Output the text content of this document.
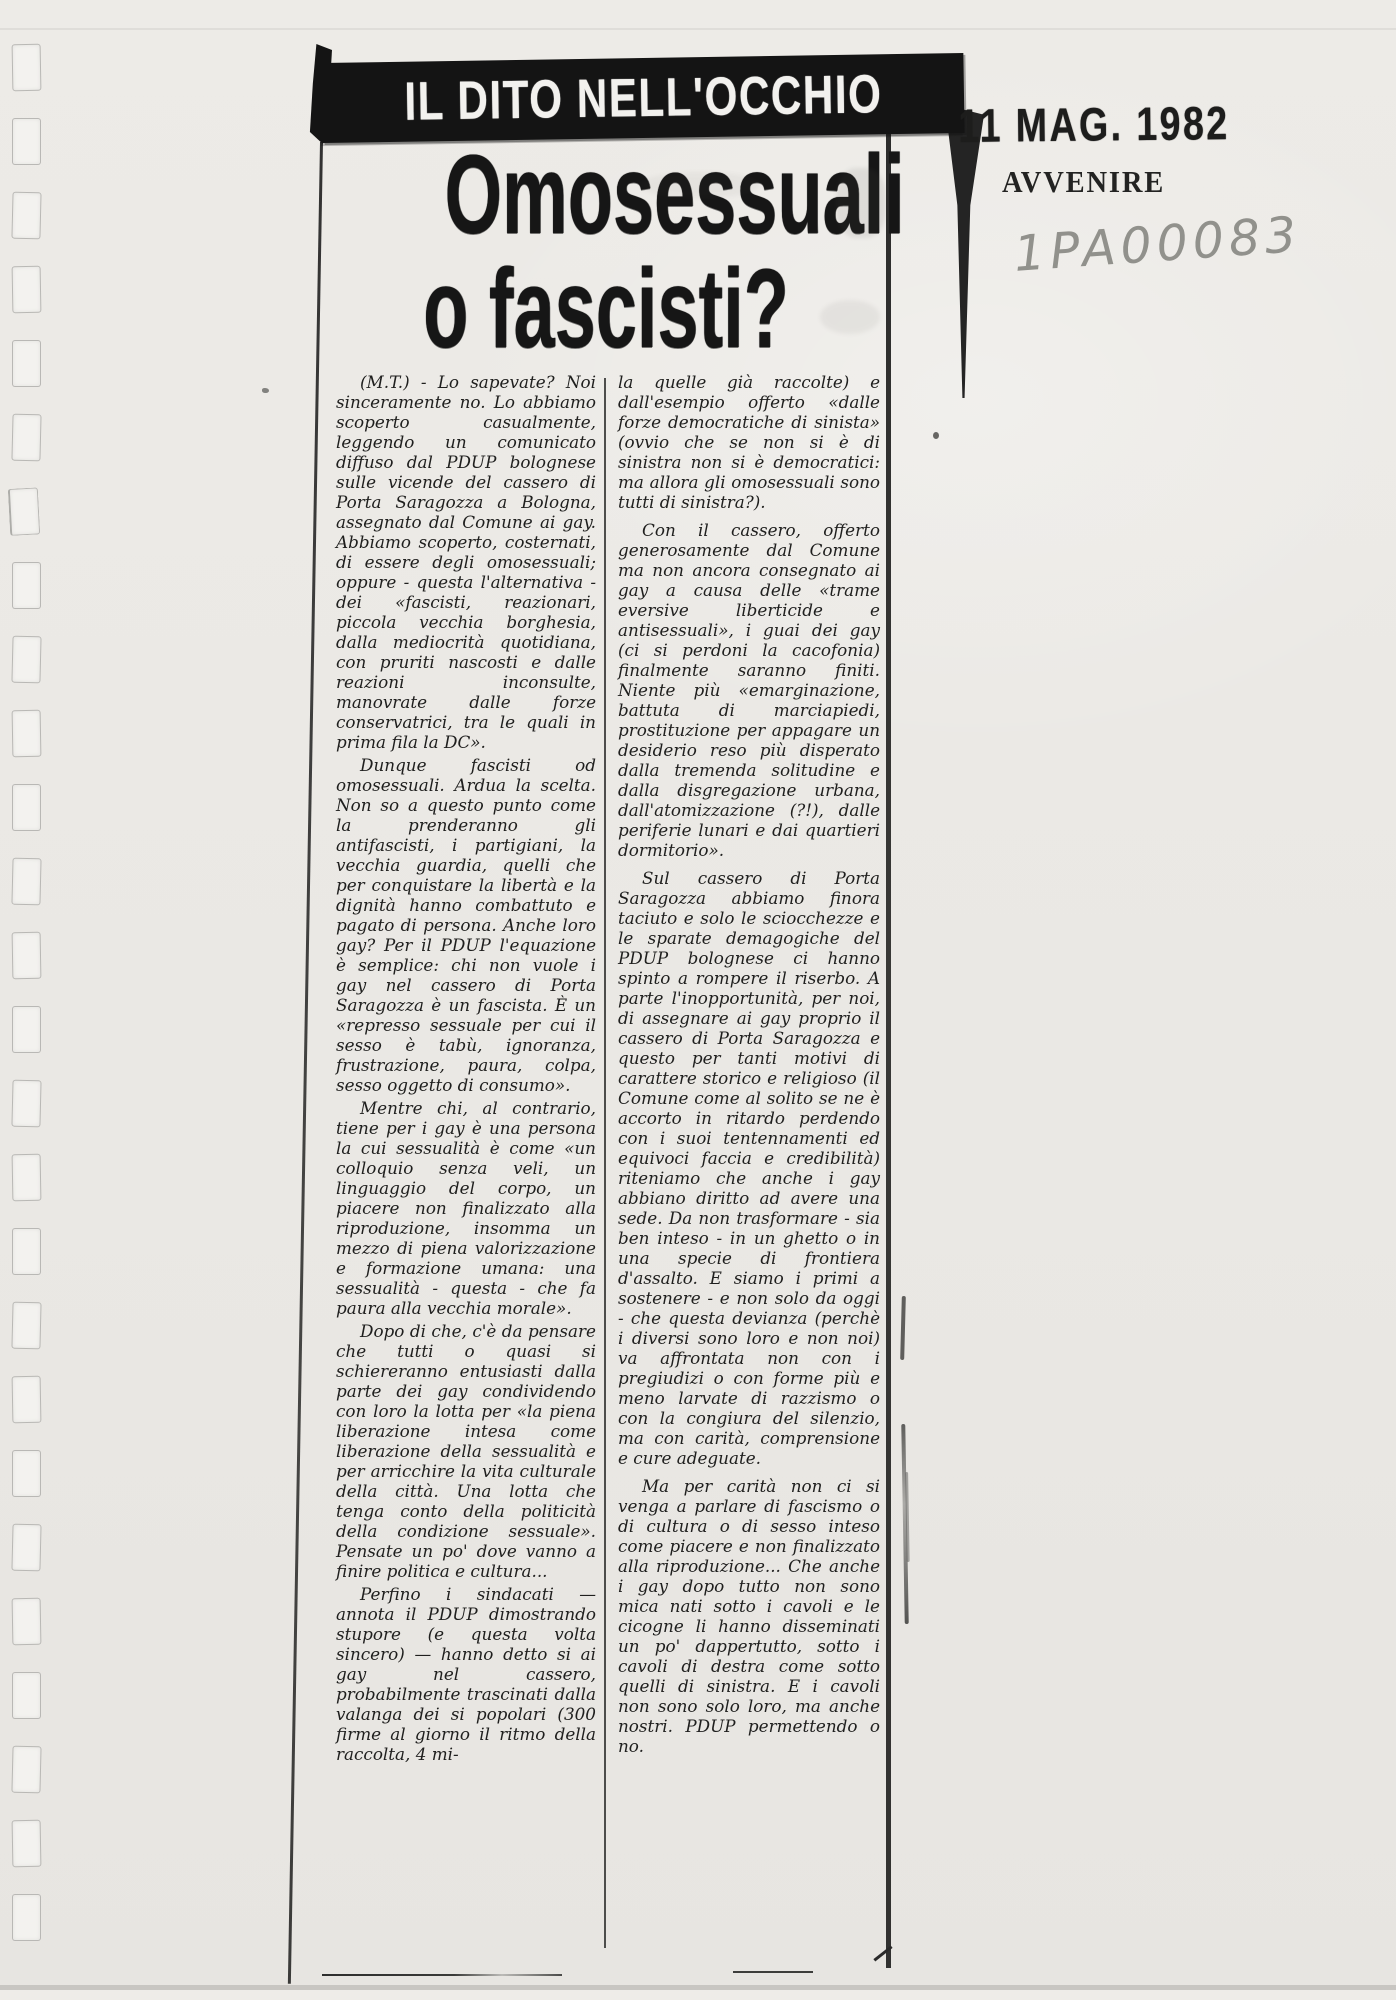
IL DITO NELL'OCCHIO
Omosessuali
o fascisti?

(M.T.) - Lo sapevate? Noi sinceramente no. Lo abbiamo scoperto casualmente, leggendo un comunicato diffuso dal PDUP bolognese sulle vicende del cassero di Porta Saragozza a Bologna, assegnato dal Comune ai gay. Abbiamo scoperto, costernati, di essere degli omosessuali; oppure - questa l'alternativa - dei «fascisti, reazionari, piccola vecchia borghesia, dalla mediocrità quotidiana, con pruriti nascosti e dalle reazioni inconsulte, manovrate dalle forze conservatrici, tra le quali in prima fila la DC».

Dunque fascisti od omosessuali. Ardua la scelta. Non so a questo punto come la prenderanno gli antifascisti, i partigiani, la vecchia guardia, quelli che per conquistare la libertà e la dignità hanno combattuto e pagato di persona. Anche loro gay? Per il PDUP l'equazione è semplice: chi non vuole i gay nel cassero di Porta Saragozza è un fascista. È un «represso sessuale per cui il sesso è tabù, ignoranza, frustrazione, paura, colpa, sesso oggetto di consumo».

Mentre chi, al contrario, tiene per i gay è una persona la cui sessualità è come «un colloquio senza veli, un linguaggio del corpo, un piacere non finalizzato alla riproduzione, insomma un mezzo di piena valorizzazione e formazione umana: una sessualità - questa - che fa paura alla vecchia morale».

Dopo di che, c'è da pensare che tutti o quasi si schiereranno entusiasti dalla parte dei gay condividendo con loro la lotta per «la piena liberazione intesa come liberazione della sessualità e per arricchire la vita culturale della città. Una lotta che tenga conto della politicità della condizione sessuale». Pensate un po' dove vanno a finire politica e cultura...

Perfino i sindacati — annota il PDUP dimostrando stupore (e questa volta sincero) — hanno detto si ai gay nel cassero, probabilmente trascinati dalla valanga dei si popolari (300 firme al giorno il ritmo della raccolta, 4 mi-

la quelle già raccolte) e dall'esempio offerto «dalle forze democratiche di sinista» (ovvio che se non si è di sinistra non si è democratici: ma allora gli omosessuali sono tutti di sinistra?).

Con il cassero, offerto generosamente dal Comune ma non ancora consegnato ai gay a causa delle «trame eversive liberticide e antisessuali», i guai dei gay (ci si perdoni la cacofonia) finalmente saranno finiti. Niente più «emarginazione, battuta di marciapiedi, prostituzione per appagare un desiderio reso più disperato dalla tremenda solitudine e dalla disgregazione urbana, dall'atomizzazione (?!), dalle periferie lunari e dai quartieri dormitorio».

Sul cassero di Porta Saragozza abbiamo finora taciuto e solo le sciocchezze e le sparate demagogiche del PDUP bolognese ci hanno spinto a rompere il riserbo. A parte l'inopportunità, per noi, di assegnare ai gay proprio il cassero di Porta Saragozza e questo per tanti motivi di carattere storico e religioso (il Comune come al solito se ne è accorto in ritardo perdendo con i suoi tentennamenti ed equivoci faccia e credibilità) riteniamo che anche i gay abbiano diritto ad avere una sede. Da non trasformare - sia ben inteso - in un ghetto o in una specie di frontiera d'assalto. E siamo i primi a sostenere - e non solo da oggi - che questa devianza (perchè i diversi sono loro e non noi) va affrontata non con i pregiudizi o con forme più e meno larvate di razzismo o con la congiura del silenzio, ma con carità, comprensione e cure adeguate.

Ma per carità non ci si venga a parlare di fascismo o di cultura o di sesso inteso come piacere e non finalizzato alla riproduzione... Che anche i gay dopo tutto non sono mica nati sotto i cavoli e le cicogne li hanno disseminati un po' dappertutto, sotto i cavoli di destra come sotto quelli di sinistra. E i cavoli non sono solo loro, ma anche nostri. PDUP permettendo o no.

11 MAG. 1982
AVVENIRE
1PA00083
